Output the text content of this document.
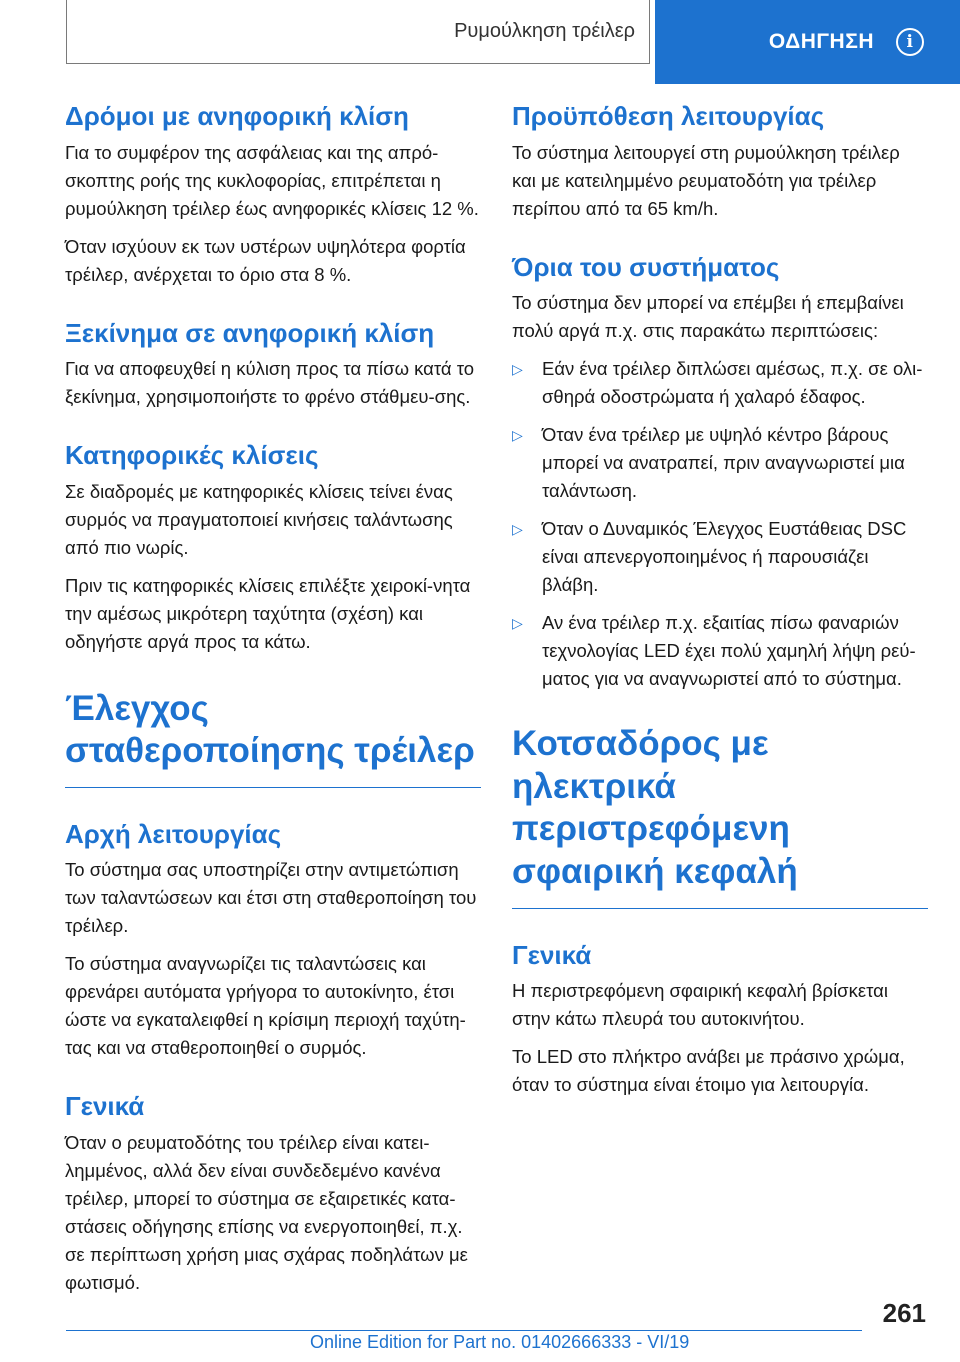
Ρυμούλκηση τρέιλερ	ΟΔΗΓΗΣΗ	i
Δρόμοι με ανηφορική κλίση

Για το συμφέρον της ασφάλειας και της απρό-σκοπτης ροής της κυκλοφορίας, επιτρέπεται η ρυμούλκηση τρέιλερ έως ανηφορικές κλίσεις 12 %.

Όταν ισχύουν εκ των υστέρων υψηλότερα φορτία τρέιλερ, ανέρχεται το όριο στα 8 %.

Ξεκίνημα σε ανηφορική κλίση

Για να αποφευχθεί η κύλιση προς τα πίσω κατά το ξεκίνημα, χρησιμοποιήστε το φρένο στάθμευ-σης.

Κατηφορικές κλίσεις

Σε διαδρομές με κατηφορικές κλίσεις τείνει ένας συρμός να πραγματοποιεί κινήσεις ταλάντωσης από πιο νωρίς.

Πριν τις κατηφορικές κλίσεις επιλέξτε χειροκί-νητα την αμέσως μικρότερη ταχύτητα (σχέση) και οδηγήστε αργά προς τα κάτω.

Έλεγχος σταθεροποίησης τρέιλερ
Αρχή λειτουργίας

Το σύστημα σας υποστηρίζει στην αντιμετώπιση των ταλαντώσεων και έτσι στη σταθεροποίηση του τρέιλερ.

Το σύστημα αναγνωρίζει τις ταλαντώσεις και φρενάρει αυτόματα γρήγορα το αυτοκίνητο, έτσι ώστε να εγκαταλειφθεί η κρίσιμη περιοχή ταχύτη-τας και να σταθεροποιηθεί ο συρμός.

Γενικά

Όταν ο ρευματοδότης του τρέιλερ είναι κατει-λημμένος, αλλά δεν είναι συνδεδεμένο κανένα τρέιλερ, μπορεί το σύστημα σε εξαιρετικές κατα-στάσεις οδήγησης επίσης να ενεργοποιηθεί, π.χ. σε περίπτωση χρήση μιας σχάρας ποδηλάτων με φωτισμό.

Προϋπόθεση λειτουργίας

Το σύστημα λειτουργεί στη ρυμούλκηση τρέιλερ και με κατειλημμένο ρευματοδότη για τρέιλερ περίπου από τα 65 km/h.

Όρια του συστήματος

Το σύστημα δεν μπορεί να επέμβει ή επεμβαίνει πολύ αργά π.χ. στις παρακάτω περιπτώσεις:

▷ Εάν ένα τρέιλερ διπλώσει αμέσως, π.χ. σε ολι-σθηρά οδοστρώματα ή χαλαρό έδαφος.
▷ Όταν ένα τρέιλερ με υψηλό κέντρο βάρους μπορεί να ανατραπεί, πριν αναγνωριστεί μια ταλάντωση.
▷ Όταν ο Δυναμικός Έλεγχος Ευστάθειας DSC είναι απενεργοποιημένος ή παρουσιάζει βλάβη.
▷ Αν ένα τρέιλερ π.χ. εξαιτίας πίσω φαναριών τεχνολογίας LED έχει πολύ χαμηλή λήψη ρεύ-ματος για να αναγνωριστεί από το σύστημα.
Κοτσαδόρος με ηλεκτρικά περιστρεφόμενη σφαιρική κεφαλή
Γενικά

Η περιστρεφόμενη σφαιρική κεφαλή βρίσκεται στην κάτω πλευρά του αυτοκινήτου.

Το LED στο πλήκτρο ανάβει με πράσινο χρώμα, όταν το σύστημα είναι έτοιμο για λειτουργία.

261
Online Edition for Part no. 01402666333 - VI/19
